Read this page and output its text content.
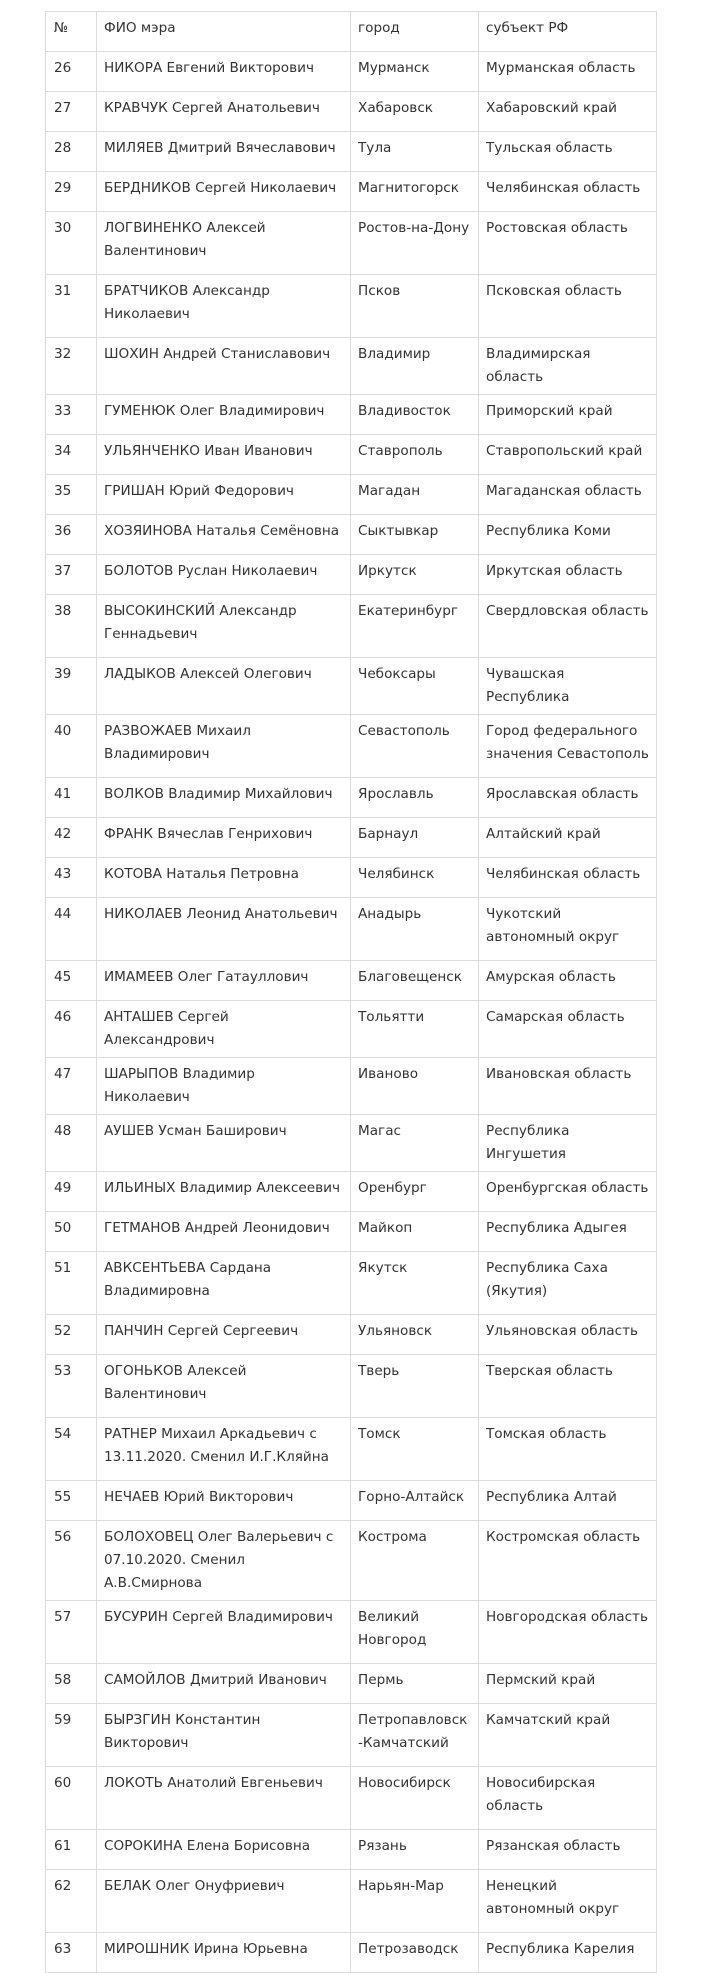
№	ФИО мэра	город	субъект РФ
26	НИКОРА Евгений Викторович	Мурманск	Мурманская область
27	КРАВЧУК Сергей Анатольевич	Хабаровск	Хабаровский край
28	МИЛЯЕВ Дмитрий Вячеславович	Тула	Тульская область
29	БЕРДНИКОВ Сергей Николаевич	Магнитогорск	Челябинская область
30	ЛОГВИНЕНКО Алексей Валентинович	Ростов-на-Дону	Ростовская область
31	БРАТЧИКОВ Александр Николаевич	Псков	Псковская область
32	ШОХИН Андрей Станиславович	Владимир	Владимирская область
33	ГУМЕНЮК Олег Владимирович	Владивосток	Приморский край
34	УЛЬЯНЧЕНКО Иван Иванович	Ставрополь	Ставропольский край
35	ГРИШАН Юрий Федорович	Магадан	Магаданская область
36	ХОЗЯИНОВА Наталья Семёновна	Сыктывкар	Республика Коми
37	БОЛОТОВ Руслан Николаевич	Иркутск	Иркутская область
38	ВЫСОКИНСКИЙ Александр Геннадьевич	Екатеринбург	Свердловская область
39	ЛАДЫКОВ Алексей Олегович	Чебоксары	Чувашская Республика
40	РАЗВОЖАЕВ Михаил Владимирович	Севастополь	Город федерального значения Севастополь
41	ВОЛКОВ Владимир Михайлович	Ярославль	Ярославская область
42	ФРАНК Вячеслав Генрихович	Барнаул	Алтайский край
43	КОТОВА Наталья Петровна	Челябинск	Челябинская область
44	НИКОЛАЕВ Леонид Анатольевич	Анадырь	Чукотский автономный округ
45	ИМАМЕЕВ Олег Гатауллович	Благовещенск	Амурская область
46	АНТАШЕВ Сергей Александрович	Тольятти	Самарская область
47	ШАРЫПОВ Владимир Николаевич	Иваново	Ивановская область
48	АУШЕВ Усман Баширович	Магас	Республика Ингушетия
49	ИЛЬИНЫХ Владимир Алексеевич	Оренбург	Оренбургская область
50	ГЕТМАНОВ Андрей Леонидович	Майкоп	Республика Адыгея
51	АВКСЕНТЬЕВА Сардана Владимировна	Якутск	Республика Саха (Якутия)
52	ПАНЧИН Сергей Сергеевич	Ульяновск	Ульяновская область
53	ОГОНЬКОВ Алексей Валентинович	Тверь	Тверская область
54	РАТНЕР Михаил Аркадьевич с 13.11.2020. Сменил И.Г.Кляйна	Томск	Томская область
55	НЕЧАЕВ Юрий Викторович	Горно-Алтайск	Республика Алтай
56	БОЛОХОВЕЦ Олег Валерьевич с 07.10.2020. Сменил А.В.Смирнова	Кострома	Костромская область
57	БУСУРИН Сергей Владимирович	Великий Новгород	Новгородская область
58	САМОЙЛОВ Дмитрий Иванович	Пермь	Пермский край
59	БЫРЗГИН Константин Викторович	Петропавловск-Камчатский	Камчатский край
60	ЛОКОТЬ Анатолий Евгеньевич	Новосибирск	Новосибирская область
61	СОРОКИНА Елена Борисовна	Рязань	Рязанская область
62	БЕЛАК Олег Онуфриевич	Нарьян-Мар	Ненецкий автономный округ
63	МИРОШНИК Ирина Юрьевна	Петрозаводск	Республика Карелия
